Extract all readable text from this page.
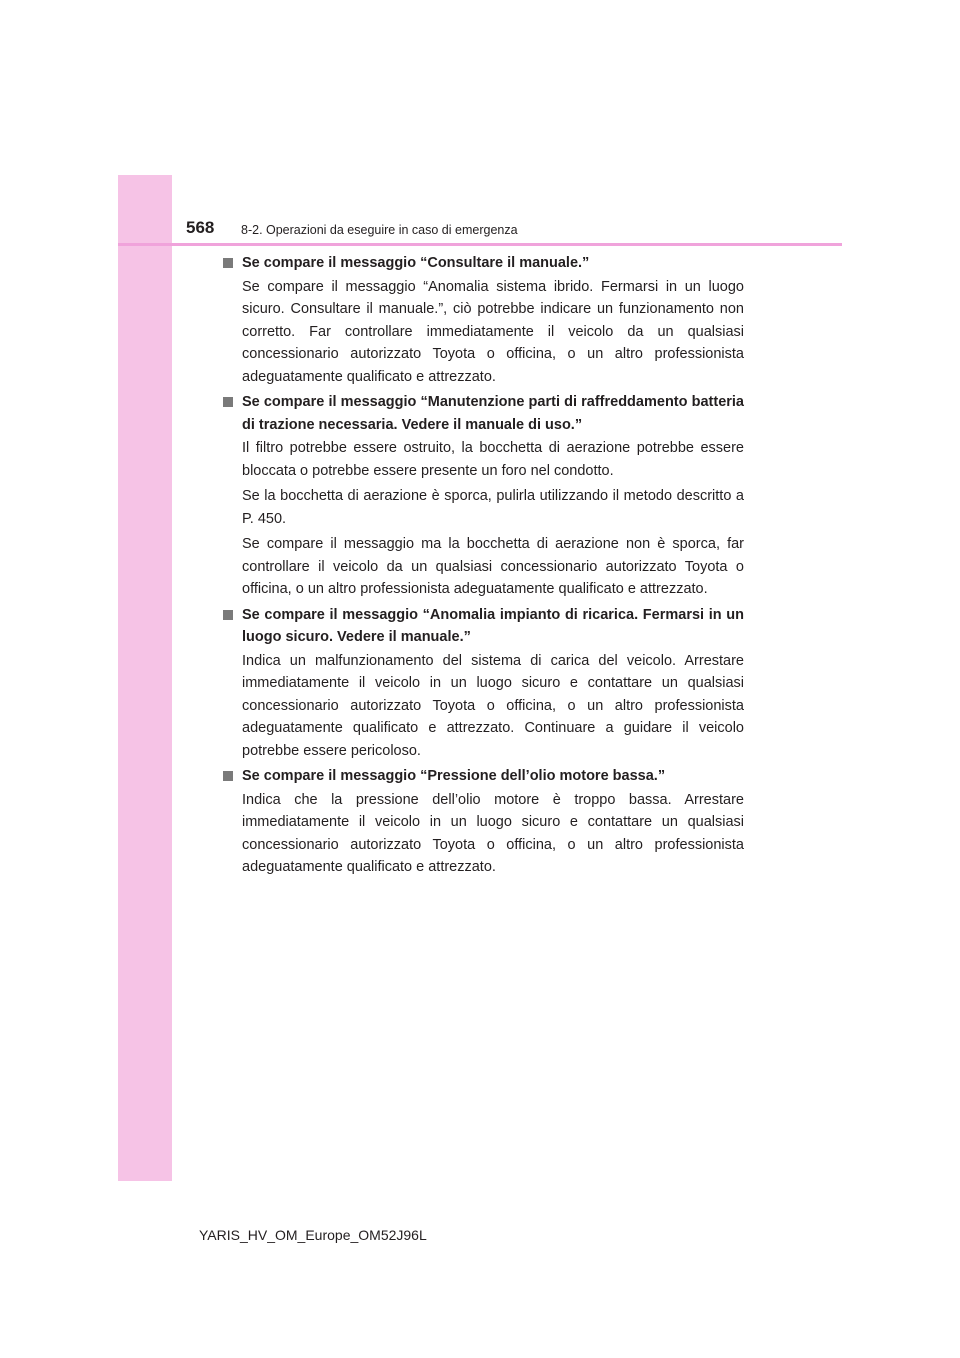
568 8-2. Operazioni da eseguire in caso di emergenza
Se compare il messaggio “Consultare il manuale.”

Se compare il messaggio “Anomalia sistema ibrido. Fermarsi in un luogo sicuro. Consultare il manuale.”, ciò potrebbe indicare un funzionamento non corretto. Far controllare immediatamente il veicolo da un qualsiasi concessionario autorizzato Toyota o officina, o un altro professionista adeguatamente qualificato e attrezzato.

Se compare il messaggio “Manutenzione parti di raffreddamento batteria di trazione necessaria. Vedere il manuale di uso.”

Il filtro potrebbe essere ostruito, la bocchetta di aerazione potrebbe essere bloccata o potrebbe essere presente un foro nel condotto.

Se la bocchetta di aerazione è sporca, pulirla utilizzando il metodo descritto a P. 450.

Se compare il messaggio ma la bocchetta di aerazione non è sporca, far controllare il veicolo da un qualsiasi concessionario autorizzato Toyota o officina, o un altro professionista adeguatamente qualificato e attrezzato.

Se compare il messaggio “Anomalia impianto di ricarica. Fermarsi in un luogo sicuro. Vedere il manuale.”

Indica un malfunzionamento del sistema di carica del veicolo. Arrestare immediatamente il veicolo in un luogo sicuro e contattare un qualsiasi concessionario autorizzato Toyota o officina, o un altro professionista adeguatamente qualificato e attrezzato. Continuare a guidare il veicolo potrebbe essere pericoloso.

Se compare il messaggio “Pressione dell’olio motore bassa.”

Indica che la pressione dell’olio motore è troppo bassa. Arrestare immediatamente il veicolo in un luogo sicuro e contattare un qualsiasi concessionario autorizzato Toyota o officina, o un altro professionista adeguatamente qualificato e attrezzato.

YARIS_HV_OM_Europe_OM52J96L
